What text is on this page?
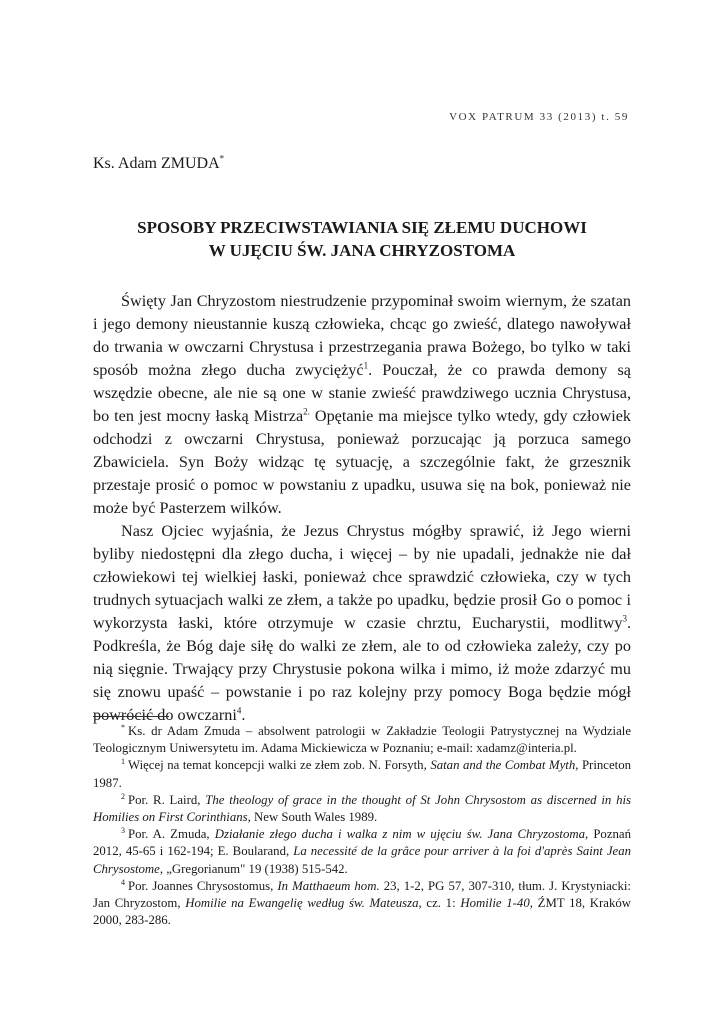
VOX PATRUM 33 (2013) t. 59
Ks. Adam ZMUDA*
SPOSOBY PRZECIWSTAWIANIA SIĘ ZŁEMU DUCHOWI
W UJĘCIU ŚW. JANA CHRYZOSTOMA

Święty Jan Chryzostom niestrudzenie przypominał swoim wiernym, że szatan i jego demony nieustannie kuszą człowieka, chcąc go zwieść, dlatego nawoływał do trwania w owczarni Chrystusa i przestrzegania prawa Bożego, bo tylko w taki sposób można złego ducha zwyciężyć$^1$. Pouczał, że co prawda demony są wszędzie obecne, ale nie są one w stanie zwieść prawdziwego ucznia Chrystusa, bo ten jest mocny łaską Mistrza$^{2.}$ Opętanie ma miejsce tylko wtedy, gdy człowiek odchodzi z owczarni Chrystusa, ponieważ porzucając ją porzuca samego Zbawiciela. Syn Boży widząc tę sytuację, a szczególnie fakt, że grzesznik przestaje prosić o pomoc w powstaniu z upadku, usuwa się na bok, ponieważ nie może być Pasterzem wilków.

Nasz Ojciec wyjaśnia, że Jezus Chrystus mógłby sprawić, iż Jego wierni byliby niedostępni dla złego ducha, i więcej – by nie upadali, jednakże nie dał człowiekowi tej wielkiej łaski, ponieważ chce sprawdzić człowieka, czy w tych trudnych sytuacjach walki ze złem, a także po upadku, będzie prosił Go o pomoc i wykorzysta łaski, które otrzymuje w czasie chrztu, Eucharystii, modlitwy$^3$. Podkreśla, że Bóg daje siłę do walki ze złem, ale to od człowieka zależy, czy po nią sięgnie. Trwający przy Chrystusie pokona wilka i mimo, iż może zdarzyć mu się znowu upaść – powstanie i po raz kolejny przy pomocy Boga będzie mógł powrócić do owczarni$^4$.

* Ks. dr Adam Zmuda – absolwent patrologii w Zakładzie Teologii Patrystycznej na Wydziale Teologicznym Uniwersytetu im. Adama Mickiewicza w Poznaniu; e-mail: xadamz@interia.pl.

$^1$ Więcej na temat koncepcji walki ze złem zob. N. Forsyth, Satan and the Combat Myth, Princeton 1987.

$^2$ Por. R. Laird, The theology of grace in the thought of St John Chrysostom as discerned in his Homilies on First Corinthians, New South Wales 1989.

$^3$ Por. A. Zmuda, Działanie złego ducha i walka z nim w ujęciu św. Jana Chryzostoma, Poznań 2012, 45-65 i 162-194; E. Boularand, La necessité de la grâce pour arriver à la foi d'après Saint Jean Chrysostome, „Gregorianum" 19 (1938) 515-542.

$^4$ Por. Joannes Chrysostomus, In Matthaeum hom. 23, 1-2, PG 57, 307-310, tłum. J. Krystyniacki: Jan Chryzostom, Homilie na Ewangelię według św. Mateusza, cz. 1: Homilie 1-40, ŹMT 18, Kraków 2000, 283-286.
